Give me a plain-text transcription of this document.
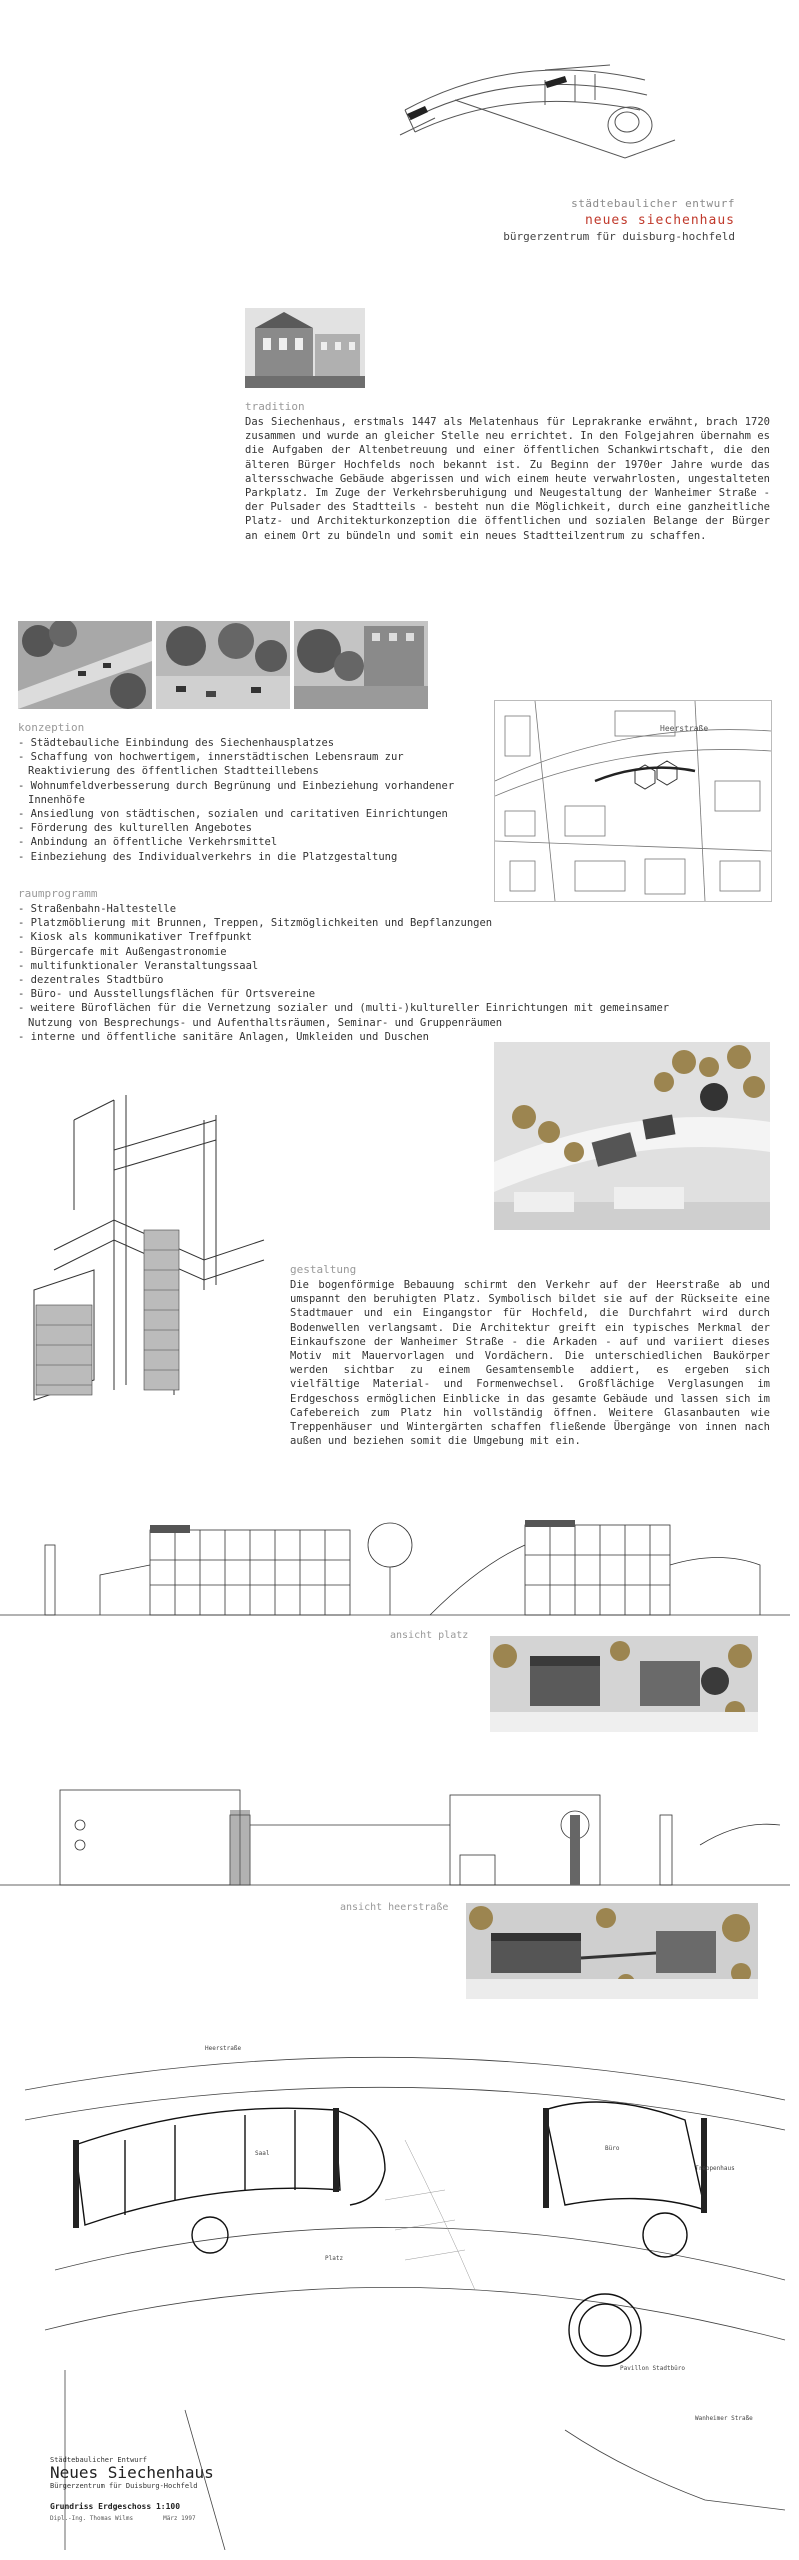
städtebaulicher entwurf
neues siechenhaus
bürgerzentrum für duisburg-hochfeld
tradition
Das Siechenhaus, erstmals 1447 als Melatenhaus für Leprakranke erwähnt, brach 1720 zusammen und wurde an gleicher Stelle neu errichtet. In den Folgejahren übernahm es die Aufgaben der Altenbetreuung und einer öffentlichen Schankwirtschaft, die den älteren Bürger Hochfelds noch bekannt ist. Zu Beginn der 1970er Jahre wurde das altersschwache Gebäude abgerissen und wich einem heute verwahrlosten, ungestalteten Parkplatz. Im Zuge der Verkehrsberuhigung und Neugestaltung der Wanheimer Straße - der Pulsader des Stadtteils - besteht nun die Möglichkeit, durch eine ganzheitliche Platz- und Architekturkonzeption die öffentlichen und sozialen Belange der Bürger an einem Ort zu bündeln und somit ein neues Stadtteilzentrum zu schaffen.
konzeption
- Städtebauliche Einbindung des Siechenhausplatzes
- Schaffung von hochwertigem, innerstädtischen Lebensraum zur Reaktivierung des öffentlichen Stadtteillebens
- Wohnumfeldverbesserung durch Begrünung und Einbeziehung vorhandener Innenhöfe
- Ansiedlung von städtischen, sozialen und caritativen Einrichtungen
- Förderung des kulturellen Angebotes
- Anbindung an öffentliche Verkehrsmittel
- Einbeziehung des Individualverkehrs in die Platzgestaltung
Heerstraße
raumprogramm
- Straßenbahn-Haltestelle
- Platzmöblierung mit Brunnen, Treppen, Sitzmöglichkeiten und Bepflanzungen
- Kiosk als kommunikativer Treffpunkt
- Bürgercafe mit Außengastronomie
- multifunktionaler Veranstaltungssaal
- dezentrales Stadtbüro
- Büro- und Ausstellungsflächen für Ortsvereine
- weitere Büroflächen für die Vernetzung sozialer und (multi-)kultureller Einrichtungen mit gemeinsamer Nutzung von Besprechungs- und Aufenthaltsräumen, Seminar- und Gruppenräumen
- interne und öffentliche sanitäre Anlagen, Umkleiden und Duschen
gestaltung
Die bogenförmige Bebauung schirmt den Verkehr auf der Heerstraße ab und umspannt den beruhigten Platz. Symbolisch bildet sie auf der Rückseite eine Stadtmauer und ein Eingangstor für Hochfeld, die Durchfahrt wird durch Bodenwellen verlangsamt. Die Architektur greift ein typisches Merkmal der Einkaufszone der Wanheimer Straße - die Arkaden - auf und variiert dieses Motiv mit Mauervorlagen und Vordächern. Die unterschiedlichen Baukörper werden sichtbar zu einem Gesamtensemble addiert, es ergeben sich vielfältige Material- und Formenwechsel. Großflächige Verglasungen im Erdgeschoss ermöglichen Einblicke in das gesamte Gebäude und lassen sich im Cafebereich zum Platz hin vollständig öffnen. Weitere Glasanbauten wie Treppenhäuser und Wintergärten schaffen fließende Übergänge von innen nach außen und beziehen somit die Umgebung mit ein.
ansicht platz
ansicht heerstraße
Heerstraße
Platz
Pavillon Stadtbüro
Wanheimer Straße
Treppenhaus
Büro
Saal
Städtebaulicher Entwurf
Neues Siechenhaus
Bürgerzentrum für Duisburg-Hochfeld
Grundriss Erdgeschoss 1:100
Dipl.-Ing. Thomas Wilms	März 1997
